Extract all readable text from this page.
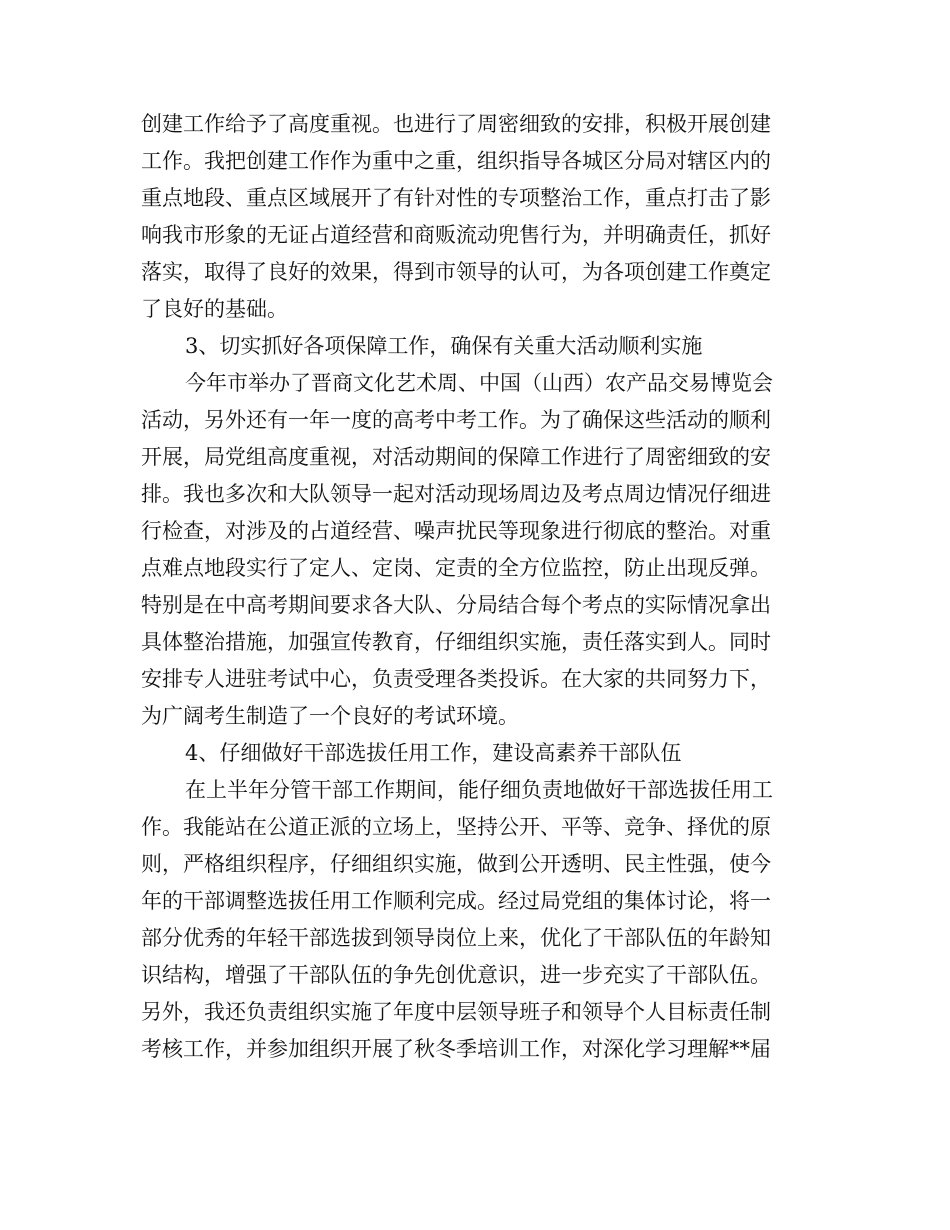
创建工作给予了高度重视。也进行了周密细致的安排，积极开展创建
工作。我把创建工作作为重中之重，组织指导各城区分局对辖区内的
重点地段、重点区域展开了有针对性的专项整治工作，重点打击了影
响我市形象的无证占道经营和商贩流动兜售行为，并明确责任，抓好
落实，取得了良好的效果，得到市领导的认可，为各项创建工作奠定
了良好的基础。
3、切实抓好各项保障工作，确保有关重大活动顺利实施
今年市举办了晋商文化艺术周、中国（山西）农产品交易博览会
活动，另外还有一年一度的高考中考工作。为了确保这些活动的顺利
开展，局党组高度重视，对活动期间的保障工作进行了周密细致的安
排。我也多次和大队领导一起对活动现场周边及考点周边情况仔细进
行检查，对涉及的占道经营、噪声扰民等现象进行彻底的整治。对重
点难点地段实行了定人、定岗、定责的全方位监控，防止出现反弹。
特别是在中高考期间要求各大队、分局结合每个考点的实际情况拿出
具体整治措施，加强宣传教育，仔细组织实施，责任落实到人。同时
安排专人进驻考试中心，负责受理各类投诉。在大家的共同努力下，
为广阔考生制造了一个良好的考试环境。
4、仔细做好干部选拔任用工作，建设高素养干部队伍
在上半年分管干部工作期间，能仔细负责地做好干部选拔任用工
作。我能站在公道正派的立场上，坚持公开、平等、竞争、择优的原
则，严格组织程序，仔细组织实施，做到公开透明、民主性强，使今
年的干部调整选拔任用工作顺利完成。经过局党组的集体讨论，将一
部分优秀的年轻干部选拔到领导岗位上来，优化了干部队伍的年龄知
识结构，增强了干部队伍的争先创优意识，进一步充实了干部队伍。
另外，我还负责组织实施了年度中层领导班子和领导个人目标责任制
考核工作，并参加组织开展了秋冬季培训工作，对深化学习理解**届
